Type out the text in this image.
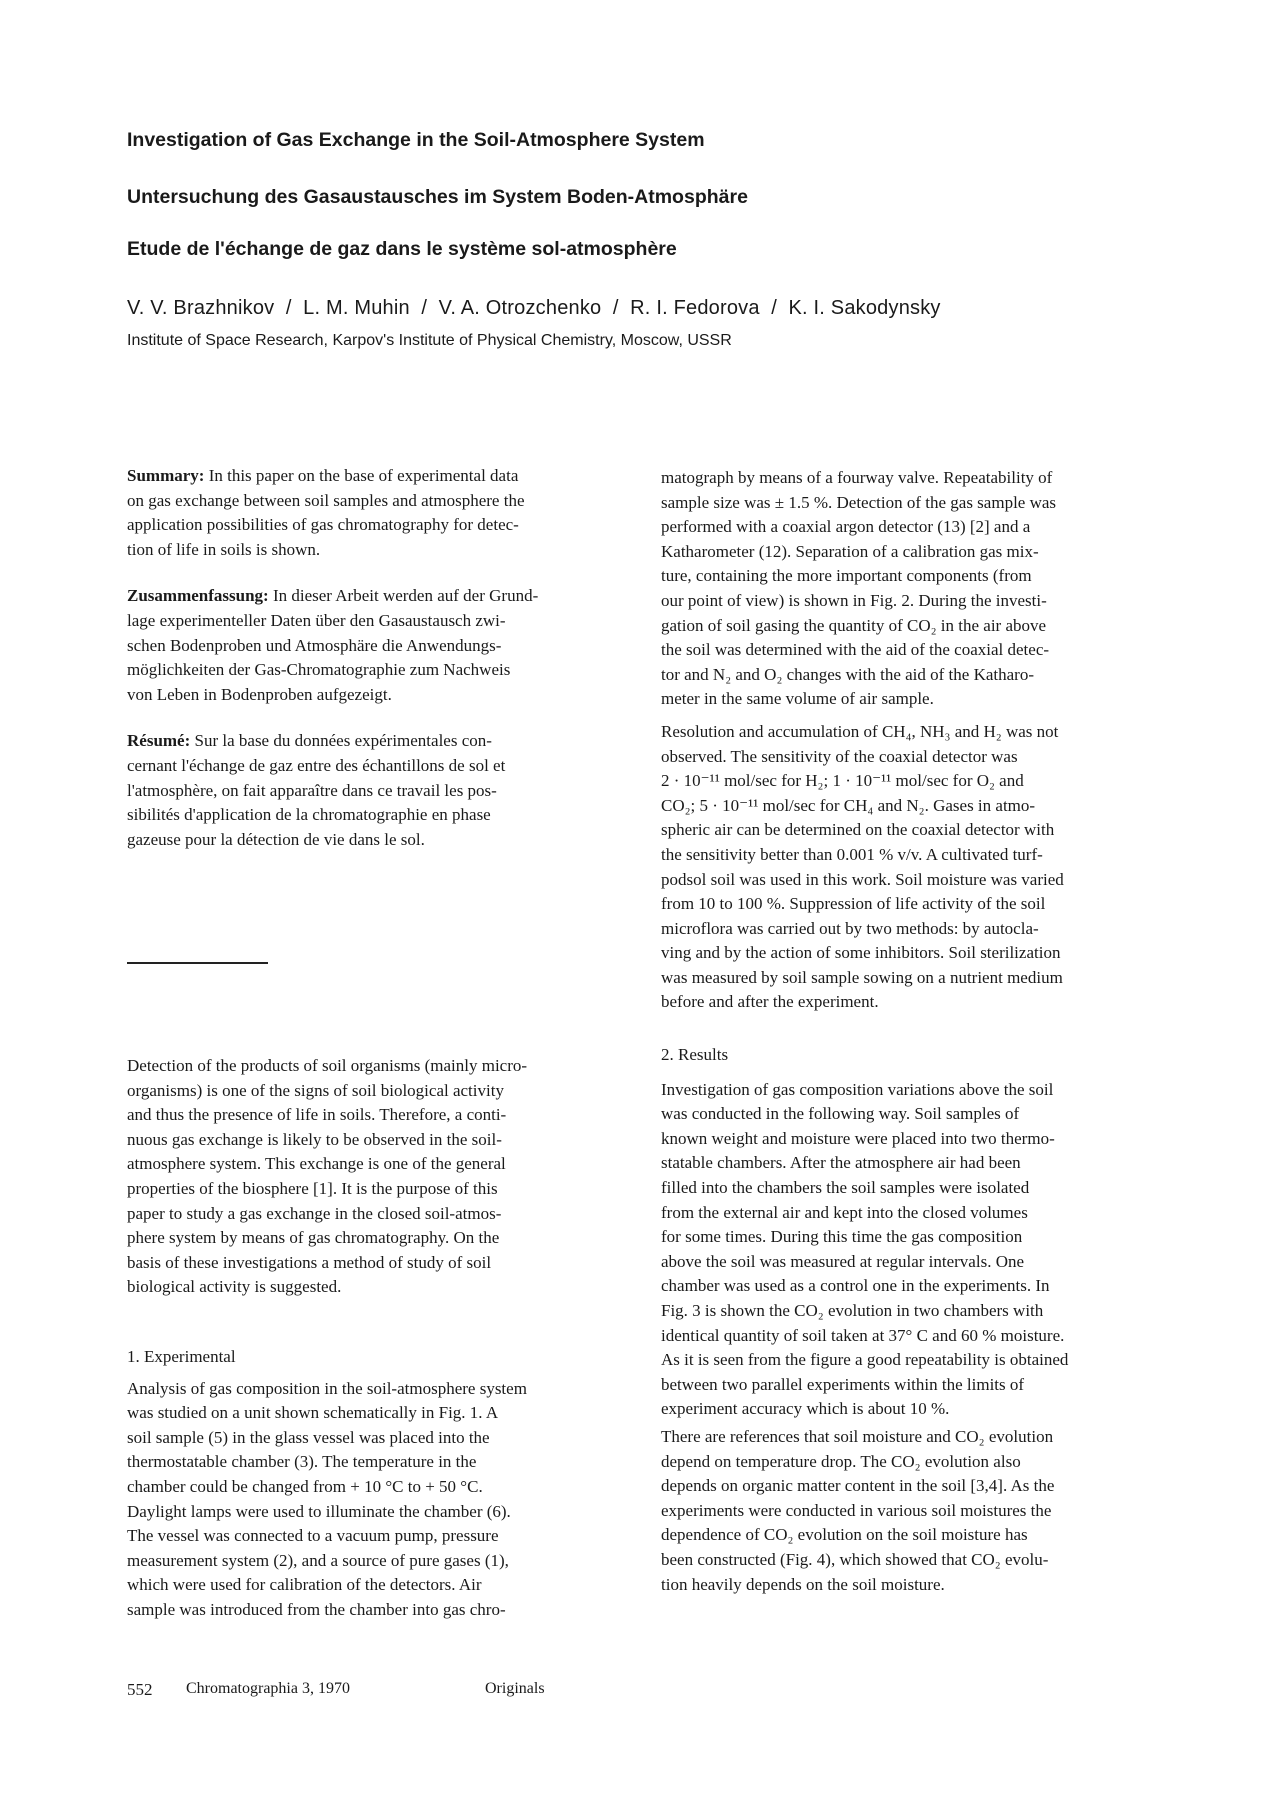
Investigation of Gas Exchange in the Soil-Atmosphere System
Untersuchung des Gasaustausches im System Boden-Atmosphäre
Etude de l'échange de gaz dans le système sol-atmosphère
V. V. Brazhnikov  /  L. M. Muhin  /  V. A. Otrozchenko  /  R. I. Fedorova  /  K. I. Sakodynsky
Institute of Space Research, Karpov's Institute of Physical Chemistry, Moscow, USSR
Summary: In this paper on the base of experimental data
on gas exchange between soil samples and atmosphere the
application possibilities of gas chromatography for detec-
tion of life in soils is shown.
Zusammenfassung: In dieser Arbeit werden auf der Grund-
lage experimenteller Daten über den Gasaustausch zwi-
schen Bodenproben und Atmosphäre die Anwendungs-
möglichkeiten der Gas-Chromatographie zum Nachweis
von Leben in Bodenproben aufgezeigt.
Résumé: Sur la base du données expérimentales con-
cernant l'échange de gaz entre des échantillons de sol et
l'atmosphère, on fait apparaître dans ce travail les pos-
sibilités d'application de la chromatographie en phase
gazeuse pour la détection de vie dans le sol.
Detection of the products of soil organisms (mainly micro-
organisms) is one of the signs of soil biological activity
and thus the presence of life in soils. Therefore, a conti-
nuous gas exchange is likely to be observed in the soil-
atmosphere system. This exchange is one of the general
properties of the biosphere [1]. It is the purpose of this
paper to study a gas exchange in the closed soil-atmos-
phere system by means of gas chromatography. On the
basis of these investigations a method of study of soil
biological activity is suggested.
1. Experimental
Analysis of gas composition in the soil-atmosphere system
was studied on a unit shown schematically in Fig. 1. A
soil sample (5) in the glass vessel was placed into the
thermostatable chamber (3). The temperature in the
chamber could be changed from + 10 °C to + 50 °C.
Daylight lamps were used to illuminate the chamber (6).
The vessel was connected to a vacuum pump, pressure
measurement system (2), and a source of pure gases (1),
which were used for calibration of the detectors. Air
sample was introduced from the chamber into gas chro-
matograph by means of a fourway valve. Repeatability of
sample size was ± 1.5 %. Detection of the gas sample was
performed with a coaxial argon detector (13) [2] and a
Katharometer (12). Separation of a calibration gas mix-
ture, containing the more important components (from
our point of view) is shown in Fig. 2. During the investi-
gation of soil gasing the quantity of CO₂ in the air above
the soil was determined with the aid of the coaxial detec-
tor and N₂ and O₂ changes with the aid of the Katharo-
meter in the same volume of air sample.
Resolution and accumulation of CH₄, NH₃ and H₂ was not
observed. The sensitivity of the coaxial detector was
2 · 10⁻¹¹ mol/sec for H₂; 1 · 10⁻¹¹ mol/sec for O₂ and
CO₂; 5 · 10⁻¹¹ mol/sec for CH₄ and N₂. Gases in atmo-
spheric air can be determined on the coaxial detector with
the sensitivity better than 0.001 % v/v. A cultivated turf-
podsol soil was used in this work. Soil moisture was varied
from 10 to 100 %. Suppression of life activity of the soil
microflora was carried out by two methods: by autocla-
ving and by the action of some inhibitors. Soil sterilization
was measured by soil sample sowing on a nutrient medium
before and after the experiment.
2. Results
Investigation of gas composition variations above the soil
was conducted in the following way. Soil samples of
known weight and moisture were placed into two thermo-
statable chambers. After the atmosphere air had been
filled into the chambers the soil samples were isolated
from the external air and kept into the closed volumes
for some times. During this time the gas composition
above the soil was measured at regular intervals. One
chamber was used as a control one in the experiments. In
Fig. 3 is shown the CO₂ evolution in two chambers with
identical quantity of soil taken at 37° C and 60 % moisture.
As it is seen from the figure a good repeatability is obtained
between two parallel experiments within the limits of
experiment accuracy which is about 10 %.
There are references that soil moisture and CO₂ evolution
depend on temperature drop. The CO₂ evolution also
depends on organic matter content in the soil [3,4]. As the
experiments were conducted in various soil moistures the
dependence of CO₂ evolution on the soil moisture has
been constructed (Fig. 4), which showed that CO₂ evolu-
tion heavily depends on the soil moisture.
552 Chromatographia 3, 1970	Originals
